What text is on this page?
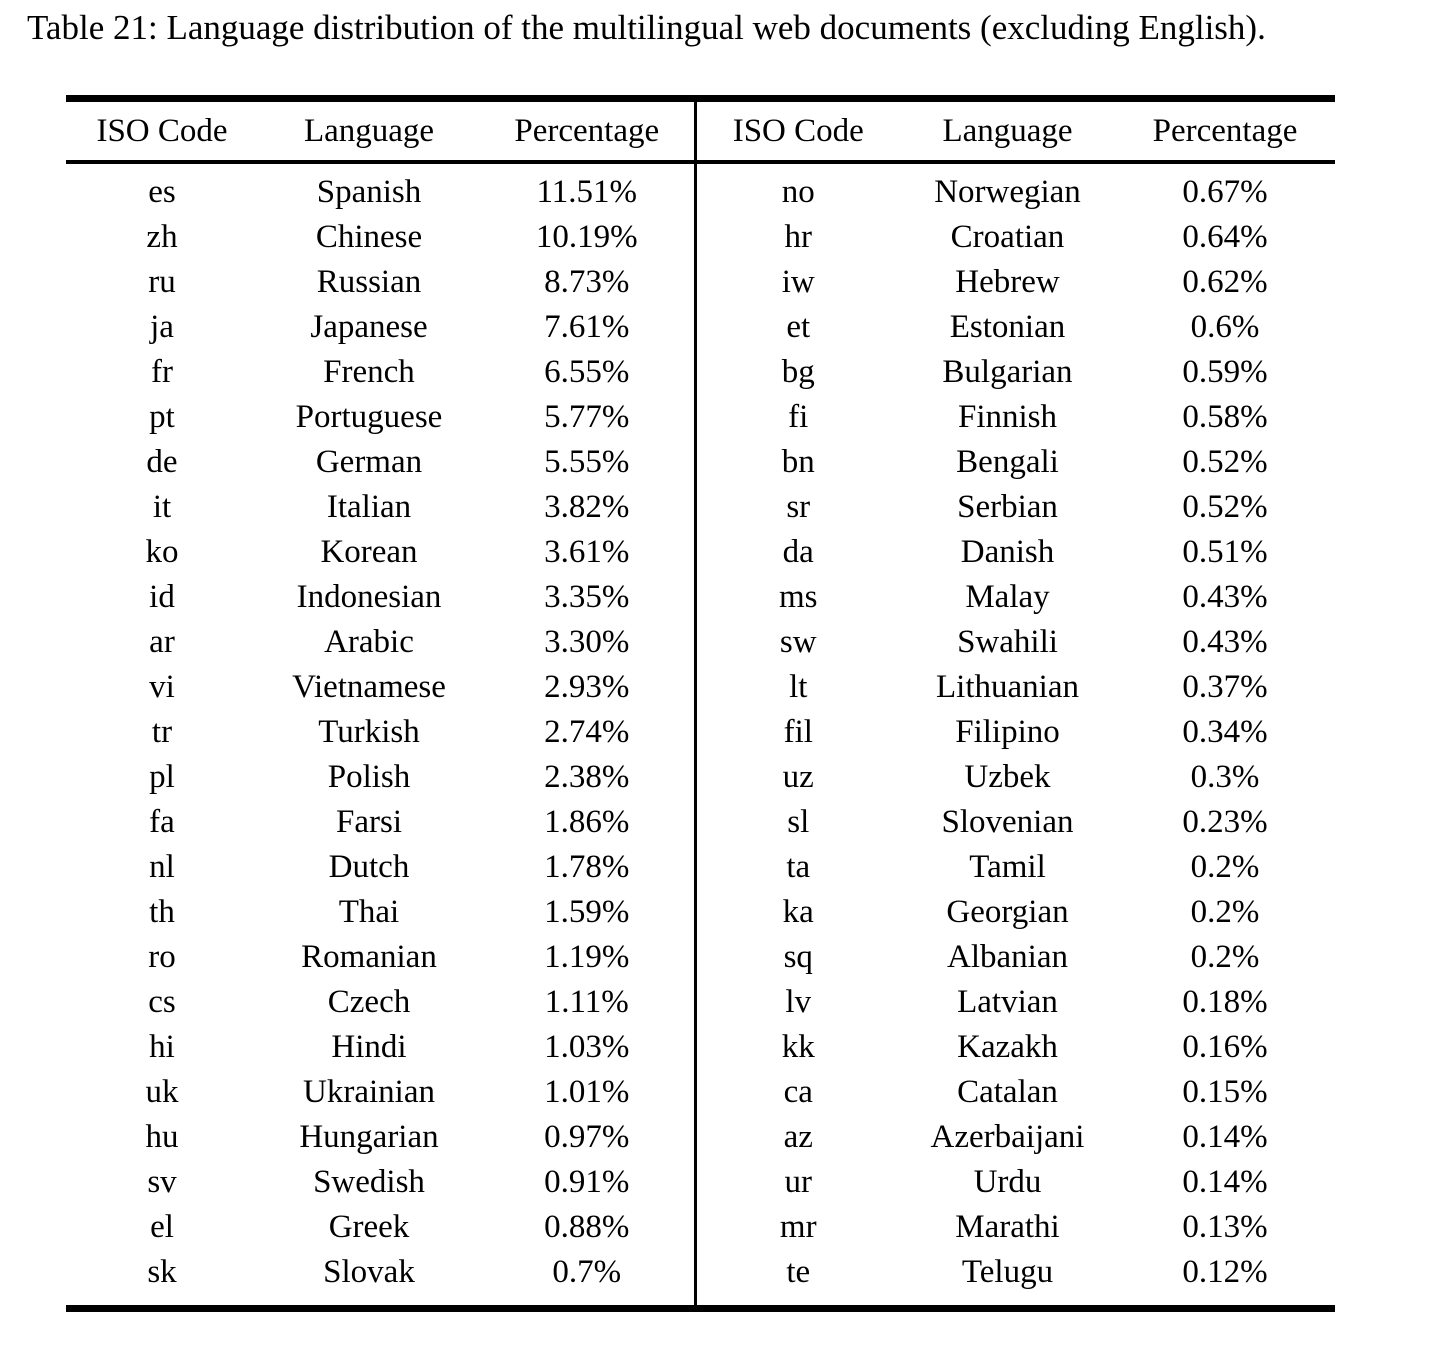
Table 21: Language distribution of the multilingual web documents (excluding English).
ISO Code	Language	Percentage	ISO Code	Language	Percentage
es	Spanish	11.51%	no	Norwegian	0.67%
zh	Chinese	10.19%	hr	Croatian	0.64%
ru	Russian	8.73%	iw	Hebrew	0.62%
ja	Japanese	7.61%	et	Estonian	0.6%
fr	French	6.55%	bg	Bulgarian	0.59%
pt	Portuguese	5.77%	fi	Finnish	0.58%
de	German	5.55%	bn	Bengali	0.52%
it	Italian	3.82%	sr	Serbian	0.52%
ko	Korean	3.61%	da	Danish	0.51%
id	Indonesian	3.35%	ms	Malay	0.43%
ar	Arabic	3.30%	sw	Swahili	0.43%
vi	Vietnamese	2.93%	lt	Lithuanian	0.37%
tr	Turkish	2.74%	fil	Filipino	0.34%
pl	Polish	2.38%	uz	Uzbek	0.3%
fa	Farsi	1.86%	sl	Slovenian	0.23%
nl	Dutch	1.78%	ta	Tamil	0.2%
th	Thai	1.59%	ka	Georgian	0.2%
ro	Romanian	1.19%	sq	Albanian	0.2%
cs	Czech	1.11%	lv	Latvian	0.18%
hi	Hindi	1.03%	kk	Kazakh	0.16%
uk	Ukrainian	1.01%	ca	Catalan	0.15%
hu	Hungarian	0.97%	az	Azerbaijani	0.14%
sv	Swedish	0.91%	ur	Urdu	0.14%
el	Greek	0.88%	mr	Marathi	0.13%
sk	Slovak	0.7%	te	Telugu	0.12%
